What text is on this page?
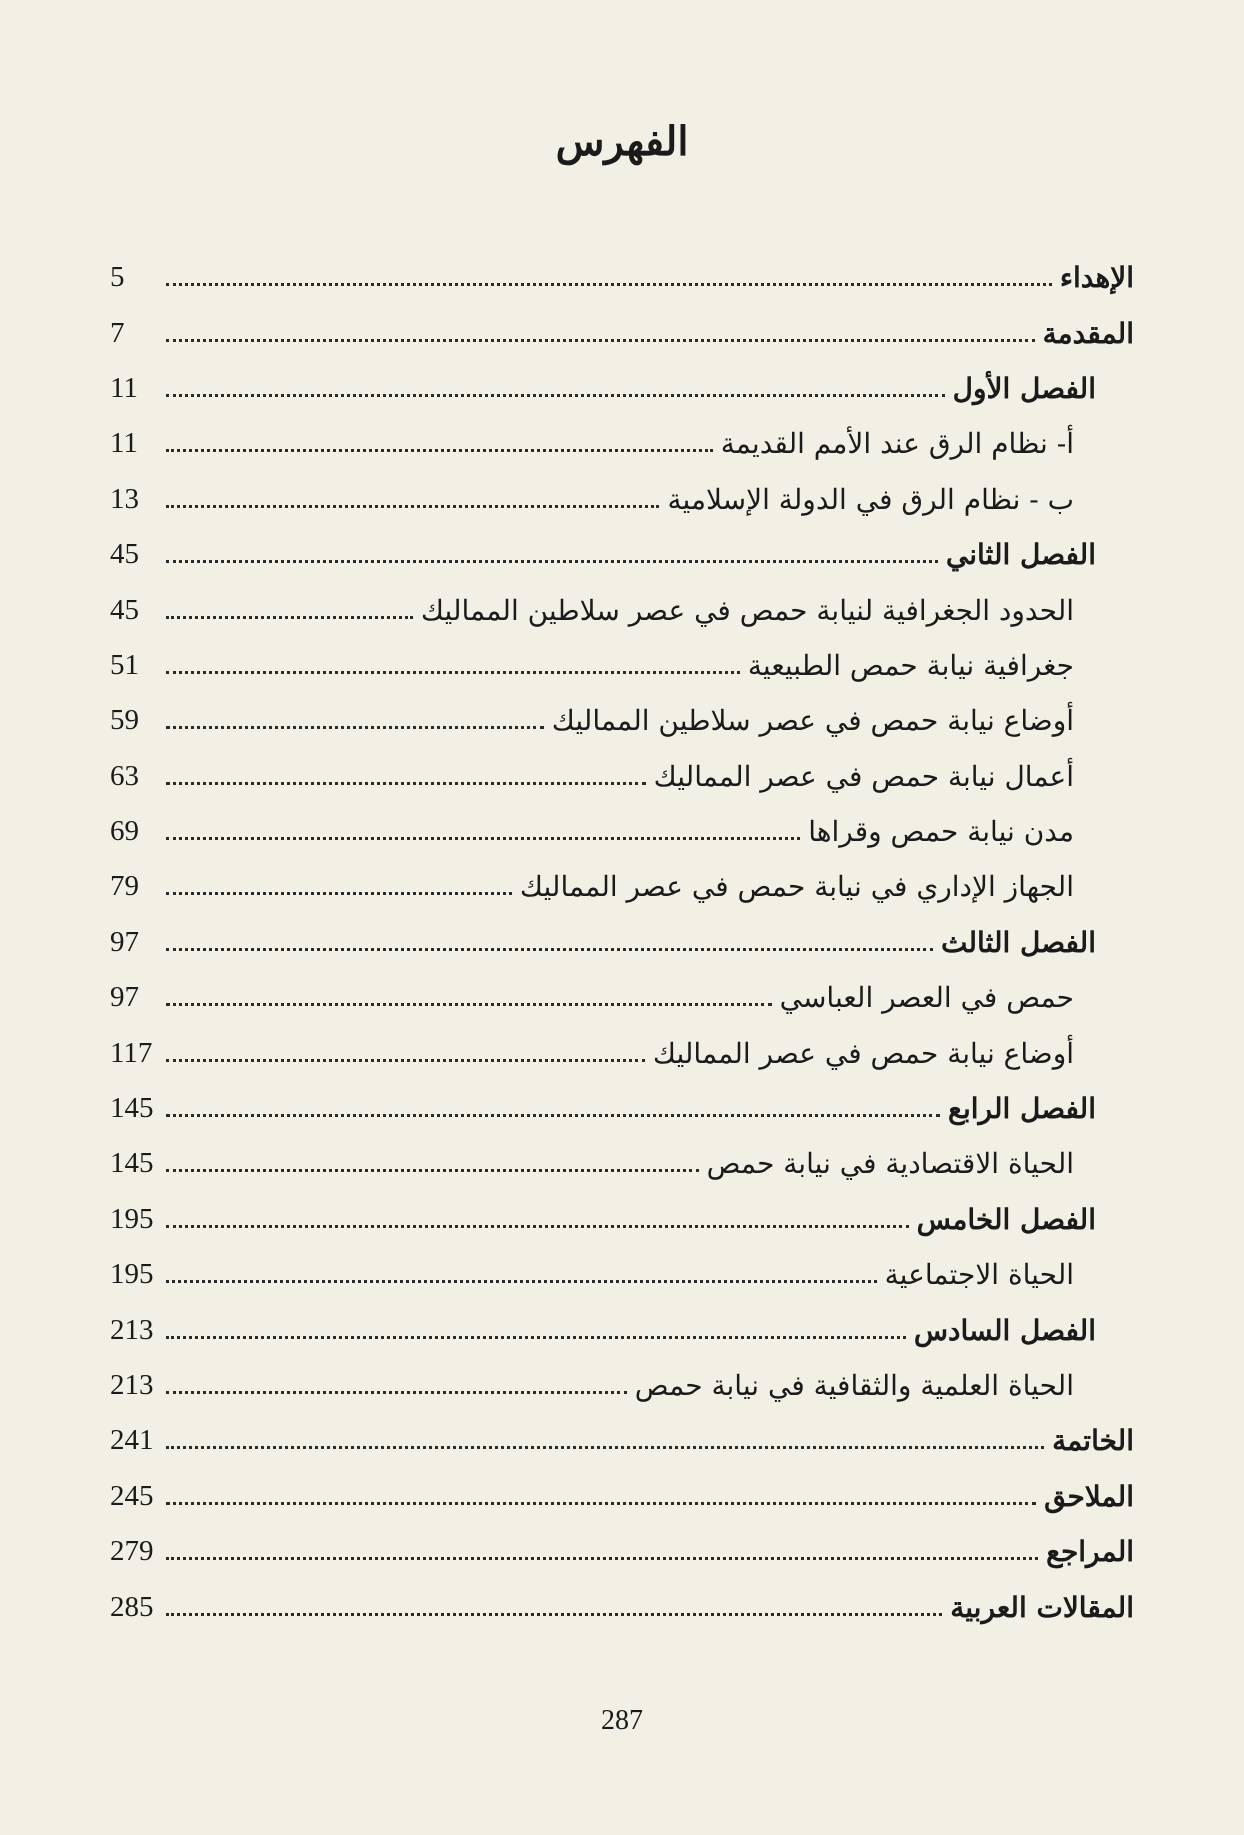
الفهرس
الإهداء
5
المقدمة
7
الفصل الأول
11
أ- نظام الرق عند الأمم القديمة
11
ب - نظام الرق في الدولة الإسلامية
13
الفصل الثاني
45
الحدود الجغرافية لنيابة حمص في عصر سلاطين المماليك
45
جغرافية نيابة حمص الطبيعية
51
أوضاع نيابة حمص في عصر سلاطين المماليك
59
أعمال نيابة حمص في عصر المماليك
63
مدن نيابة حمص وقراها
69
الجهاز الإداري في نيابة حمص في عصر المماليك
79
الفصل الثالث
97
حمص في العصر العباسي
97
أوضاع نيابة حمص في عصر المماليك
117
الفصل الرابع
145
الحياة الاقتصادية في نيابة حمص
145
الفصل الخامس
195
الحياة الاجتماعية
195
الفصل السادس
213
الحياة العلمية والثقافية في نيابة حمص
213
الخاتمة
241
الملاحق
245
المراجع
279
المقالات العربية
285
287
